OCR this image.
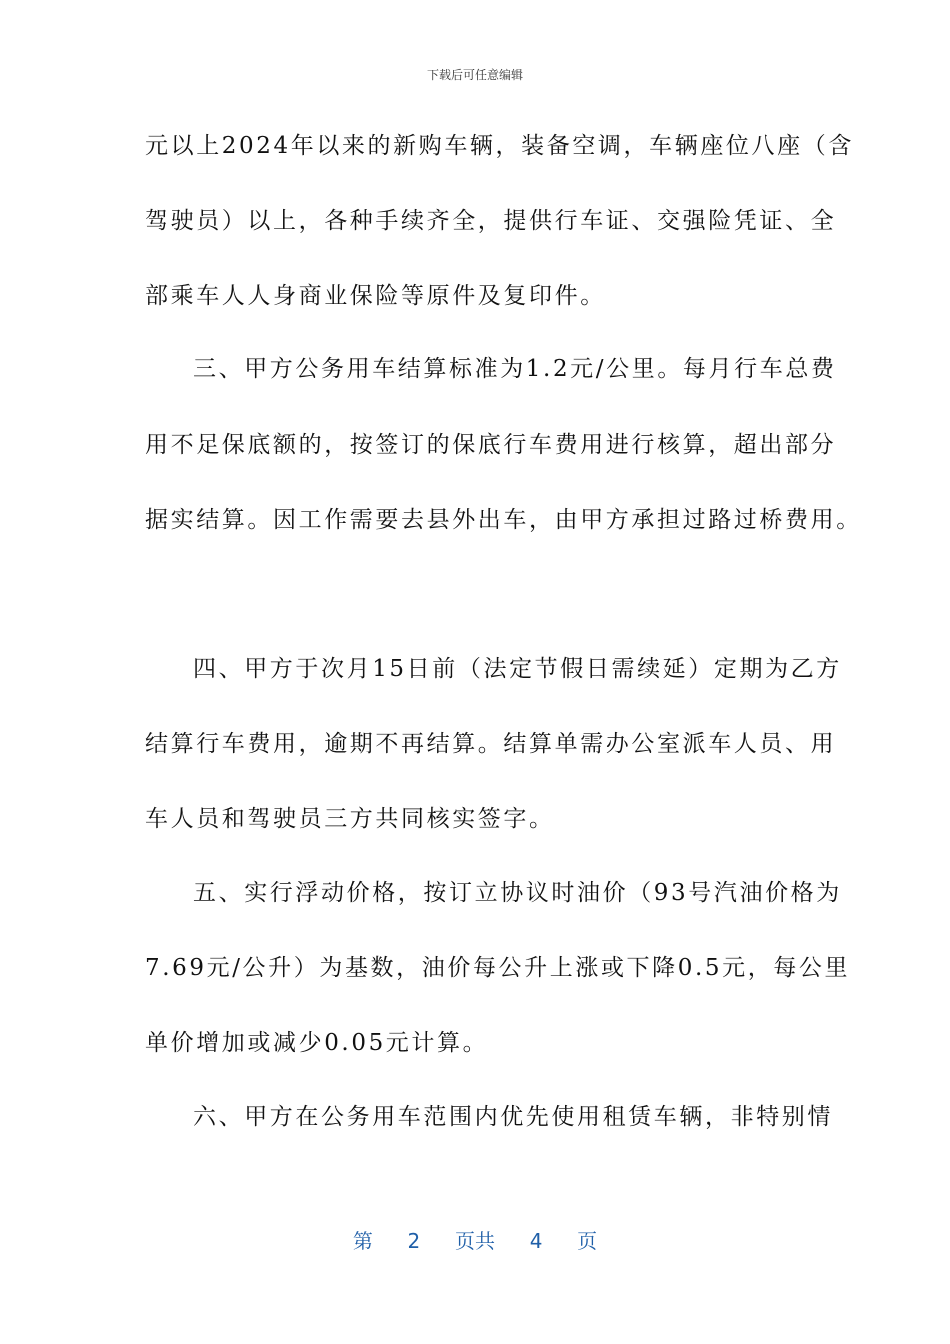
下载后可任意编辑
元以上2024年以来的新购车辆，装备空调，车辆座位八座（含
驾驶员）以上，各种手续齐全，提供行车证、交强险凭证、全
部乘车人人身商业保险等原件及复印件。
三、甲方公务用车结算标准为1.2元/公里。每月行车总费
用不足保底额的，按签订的保底行车费用进行核算，超出部分
据实结算。因工作需要去县外出车，由甲方承担过路过桥费用。
四、甲方于次月15日前（法定节假日需续延）定期为乙方
结算行车费用，逾期不再结算。结算单需办公室派车人员、用
车人员和驾驶员三方共同核实签字。
五、实行浮动价格，按订立协议时油价（93号汽油价格为
7.69元/公升）为基数，油价每公升上涨或下降0.5元，每公里
单价增加或减少0.05元计算。
六、甲方在公务用车范围内优先使用租赁车辆，非特别情
第 2 页共 4 页
